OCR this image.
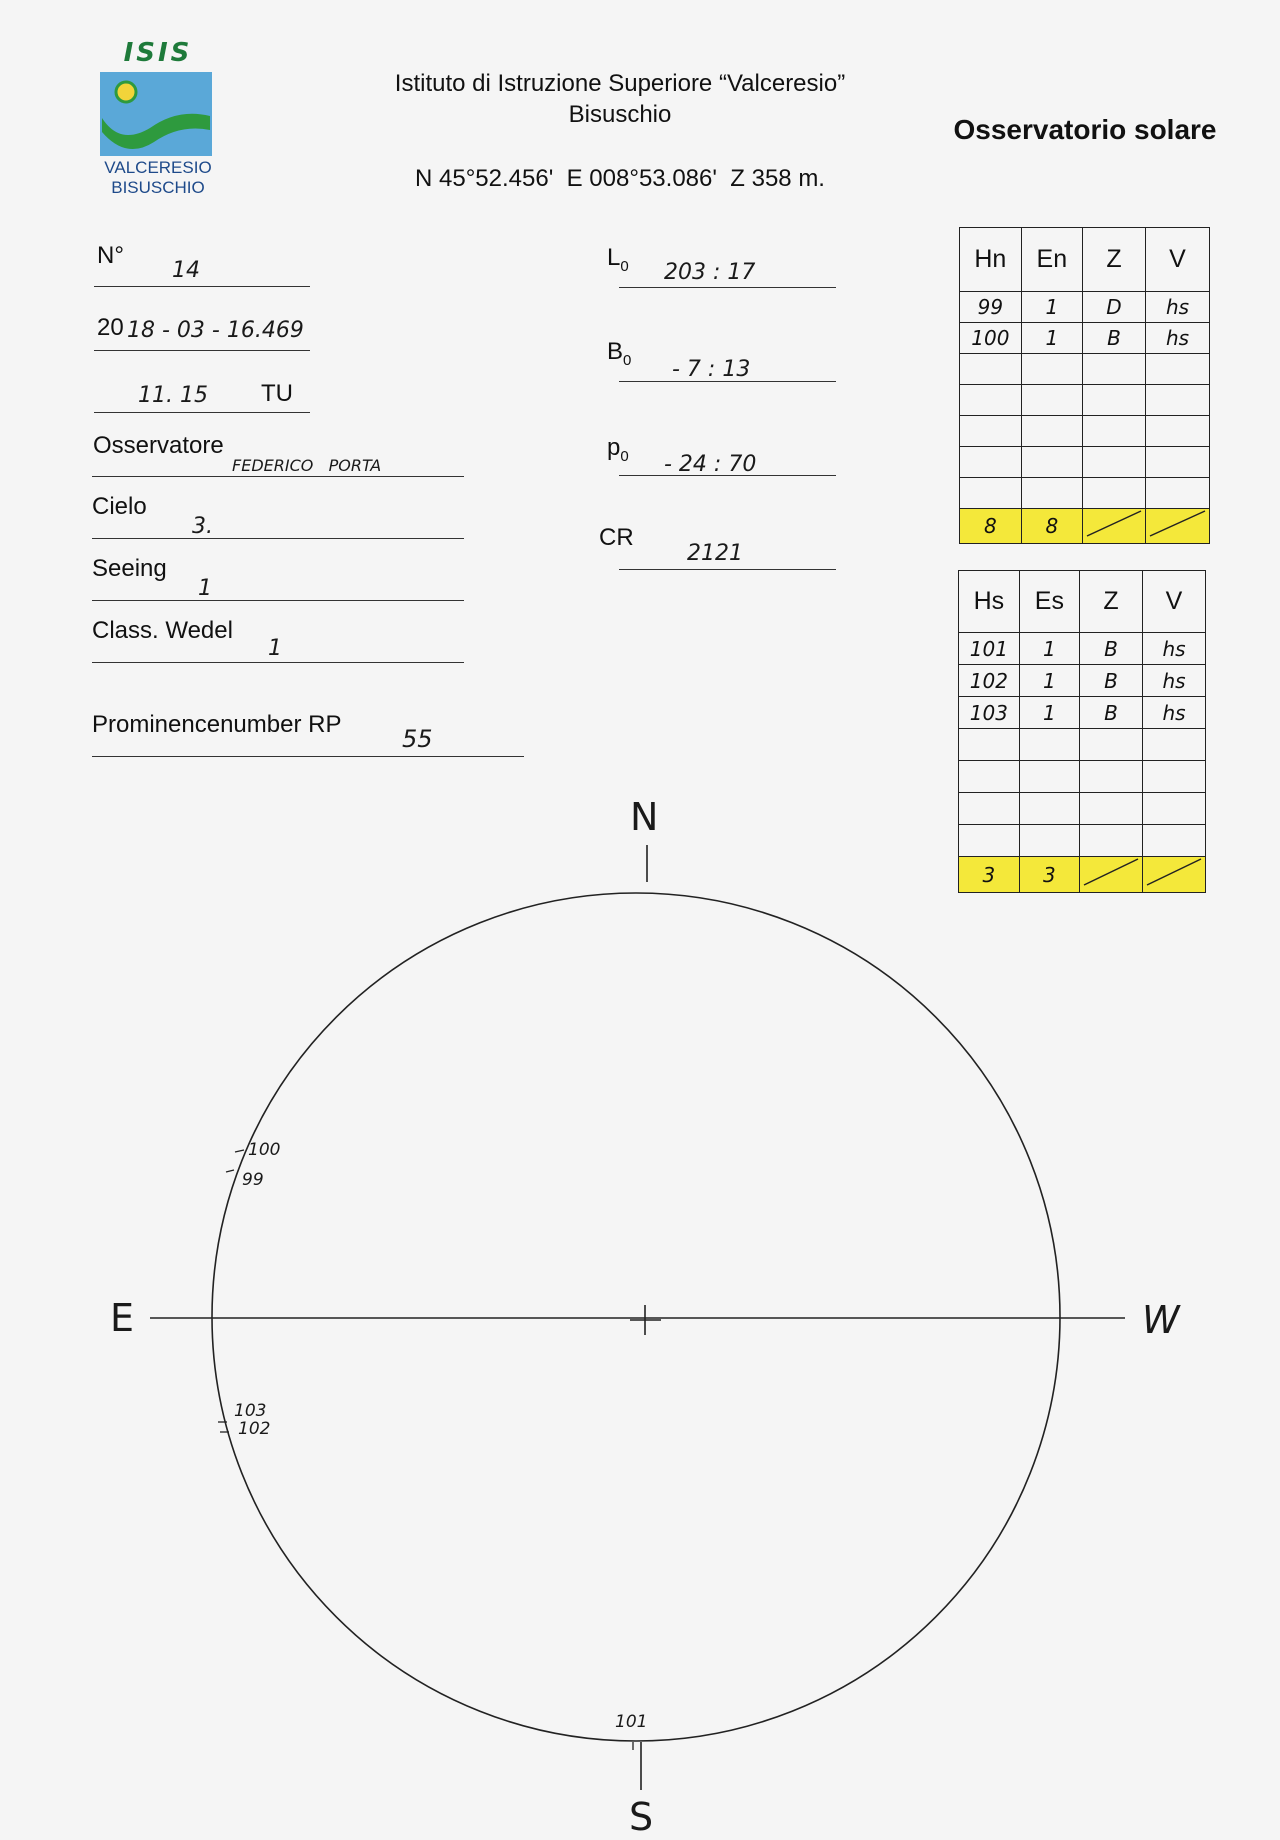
ISIS
VALCERESIO
BISUSCHIO
Istituto di Istruzione Superiore “Valceresio”
Bisuschio
N 45°52.456'  E 008°53.086'  Z 358 m.
Osservatorio solare
N°
14
20 18 - 03 - 16.469
11. 15 TU
Osservatore
FEDERICO   PORTA
Cielo
3.
Seeing
1
Class. Wedel
1
Prominencenumber RP
55
$L_0$ 203 : 17
$B_0 - 7$ : 13
$p_0 - 24$ : 70
CR
2121
Hn	En	Z	V
99	1	D	hs
100	1	B	hs

8	8		
Hs	Es	Z	V
101	1	B	hs
102	1	B	hs
103	1	B	hs

3	3		
N
S
E	W
100
99
103
102
101
